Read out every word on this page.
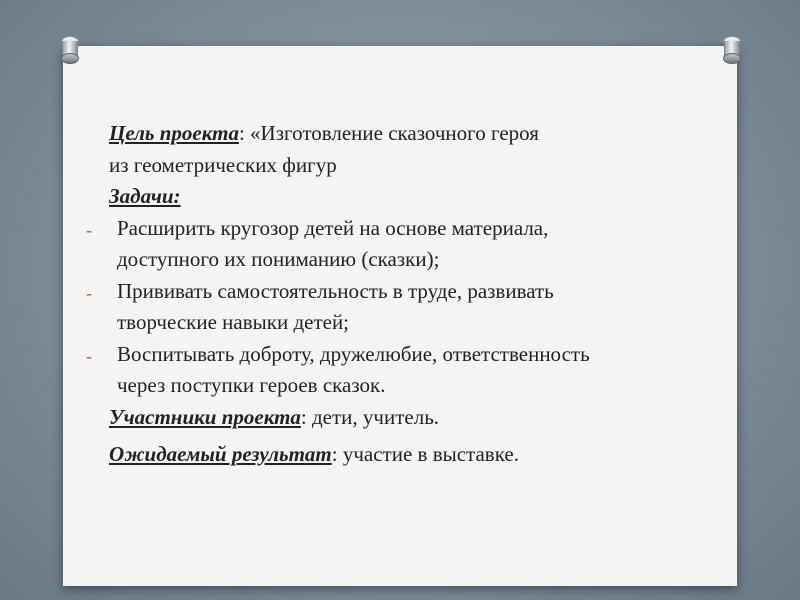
Цель проекта: «Изготовление сказочного героя
из геометрических фигур
Задачи:
- Расширить кругозор детей на основе материала,
доступного их пониманию (сказки);
- Прививать самостоятельность в труде, развивать
творческие навыки детей;
- Воспитывать доброту, дружелюбие, ответственность
через поступки героев сказок.
Участники проекта: дети, учитель.
Ожидаемый результат: участие в выставке.
